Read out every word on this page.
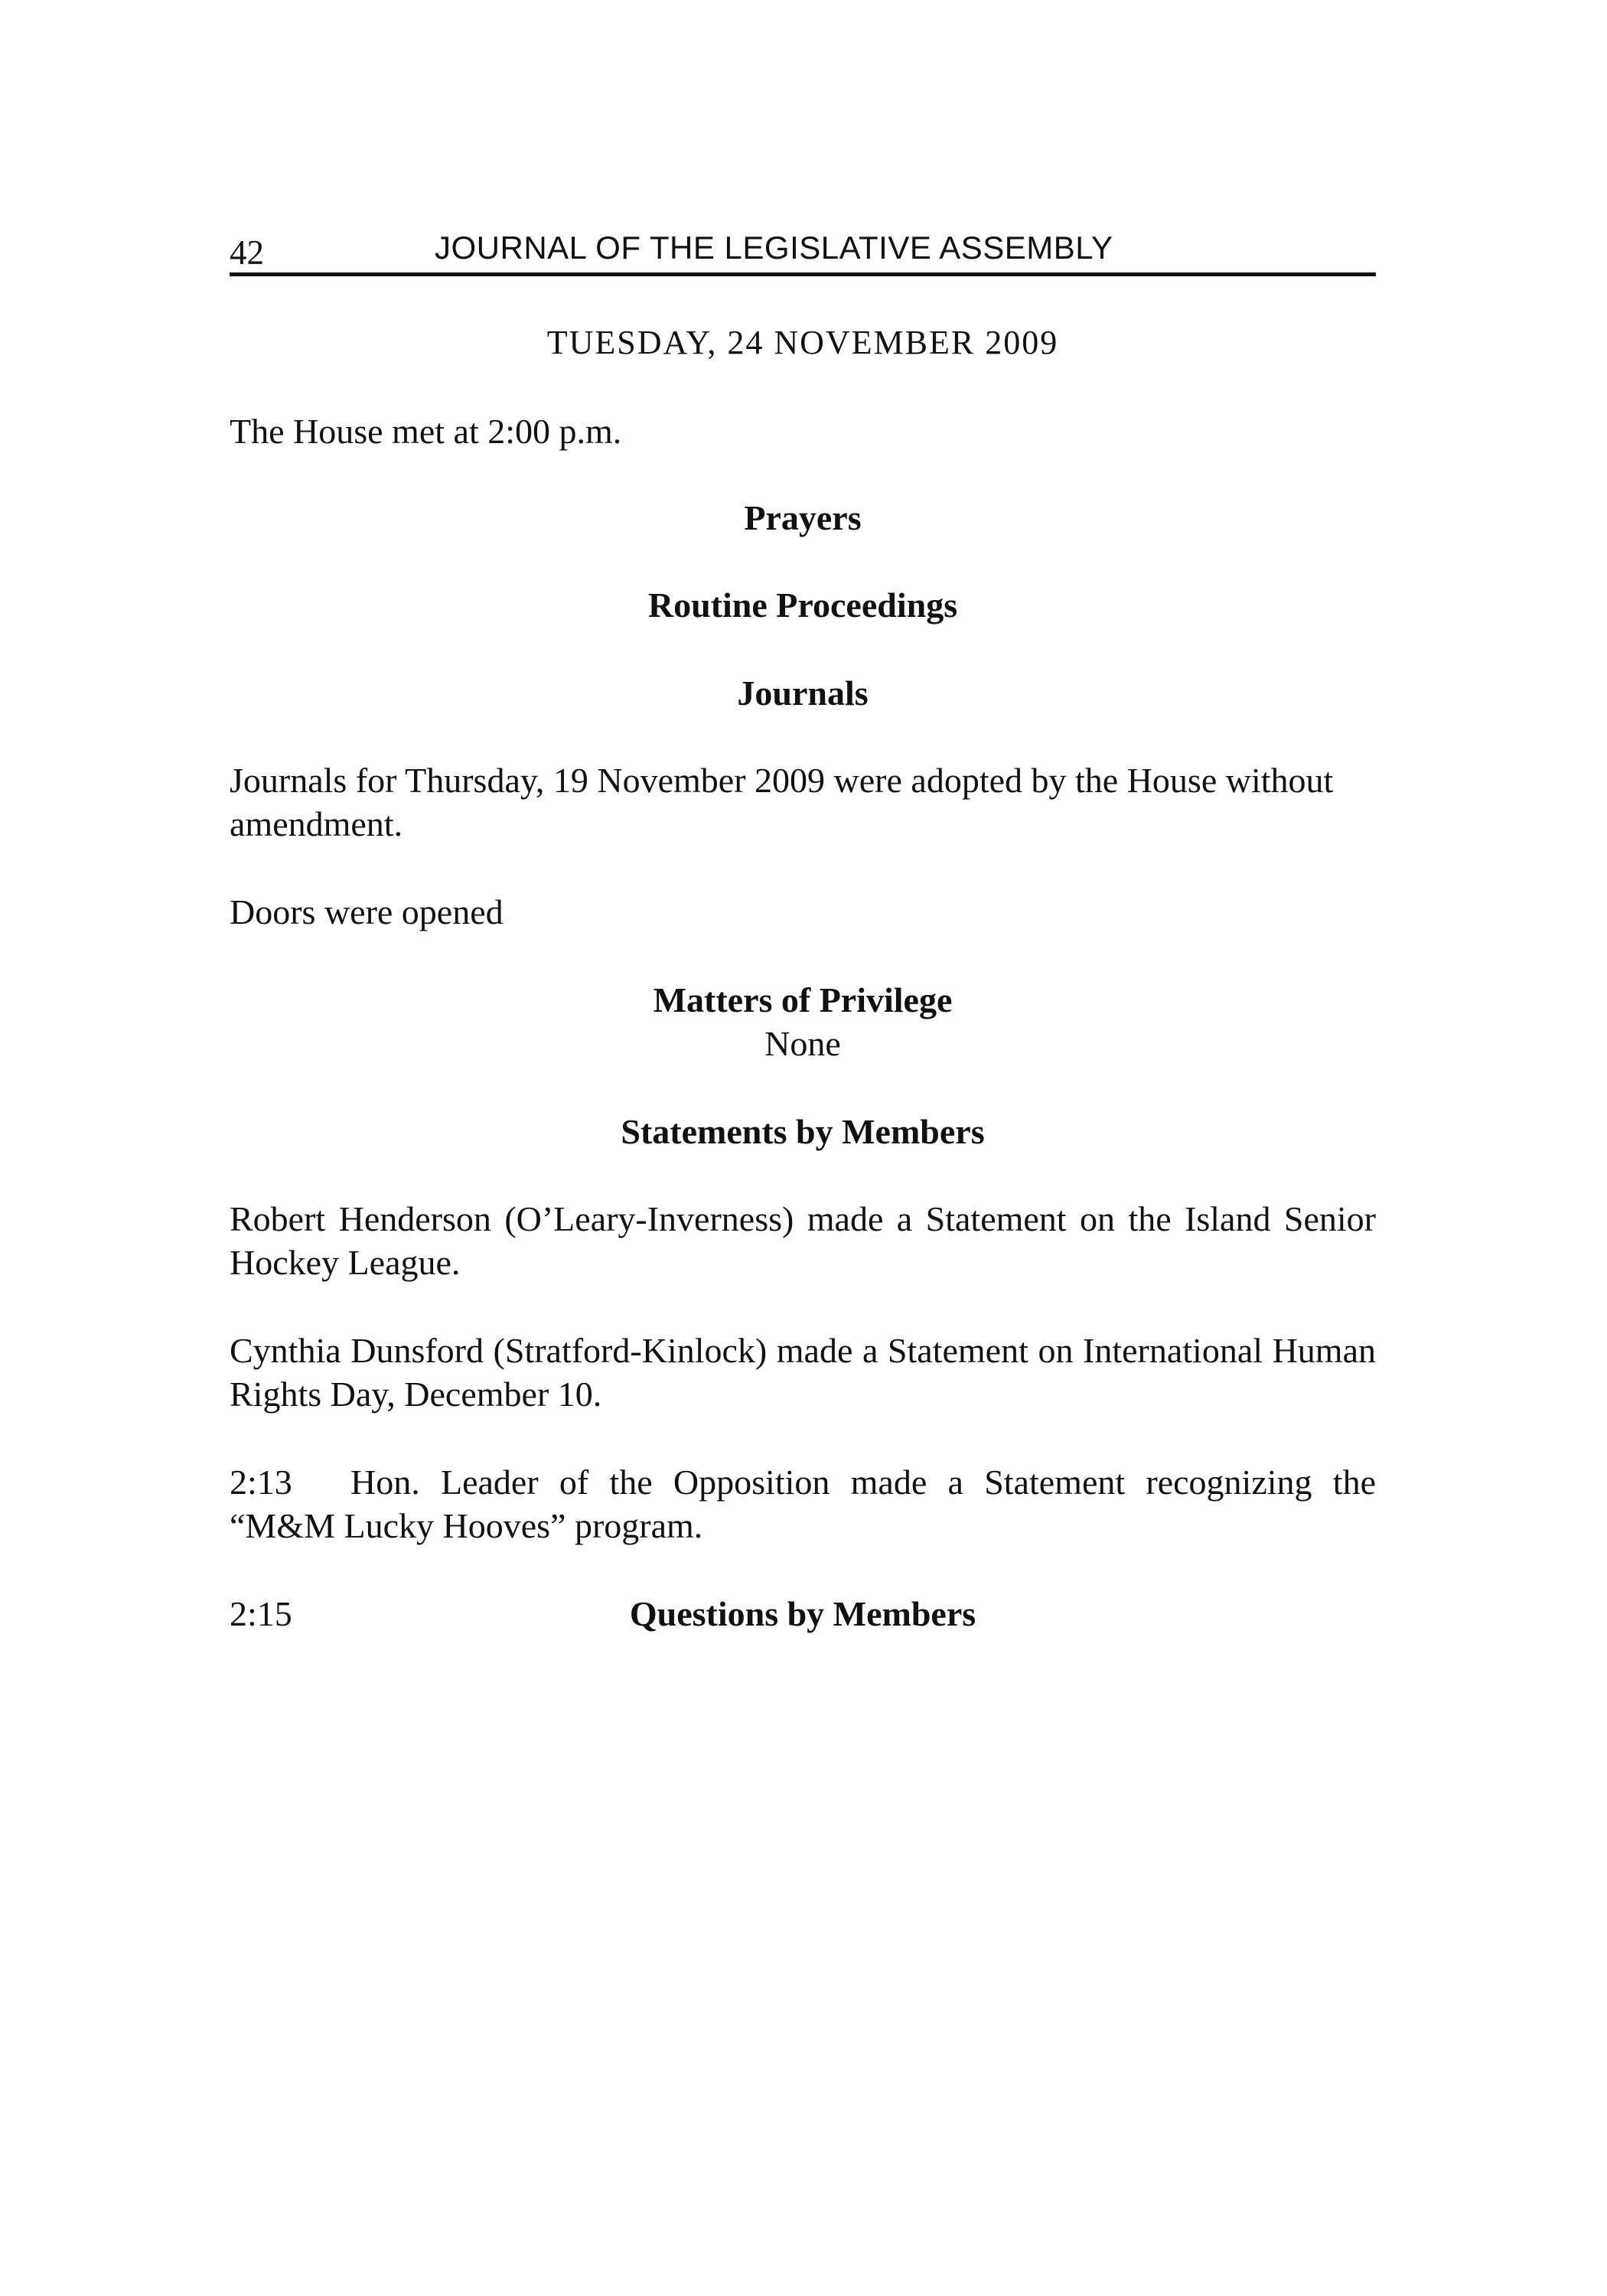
42	JOURNAL OF THE LEGISLATIVE ASSEMBLY
TUESDAY, 24 NOVEMBER 2009

The House met at 2:00 p.m.

Prayers
Routine Proceedings
Journals

Journals for Thursday, 19 November 2009 were adopted by the House without amendment.

Doors were opened

Matters of Privilege
None
Statements by Members

Robert Henderson (O’Leary-Inverness) made a Statement on the Island Senior Hockey League.

Cynthia Dunsford (Stratford-Kinlock) made a Statement on International Human Rights Day, December 10.

2:13 Hon. Leader of the Opposition made a Statement recognizing the “M&M Lucky Hooves” program.

2:15	Questions by Members
